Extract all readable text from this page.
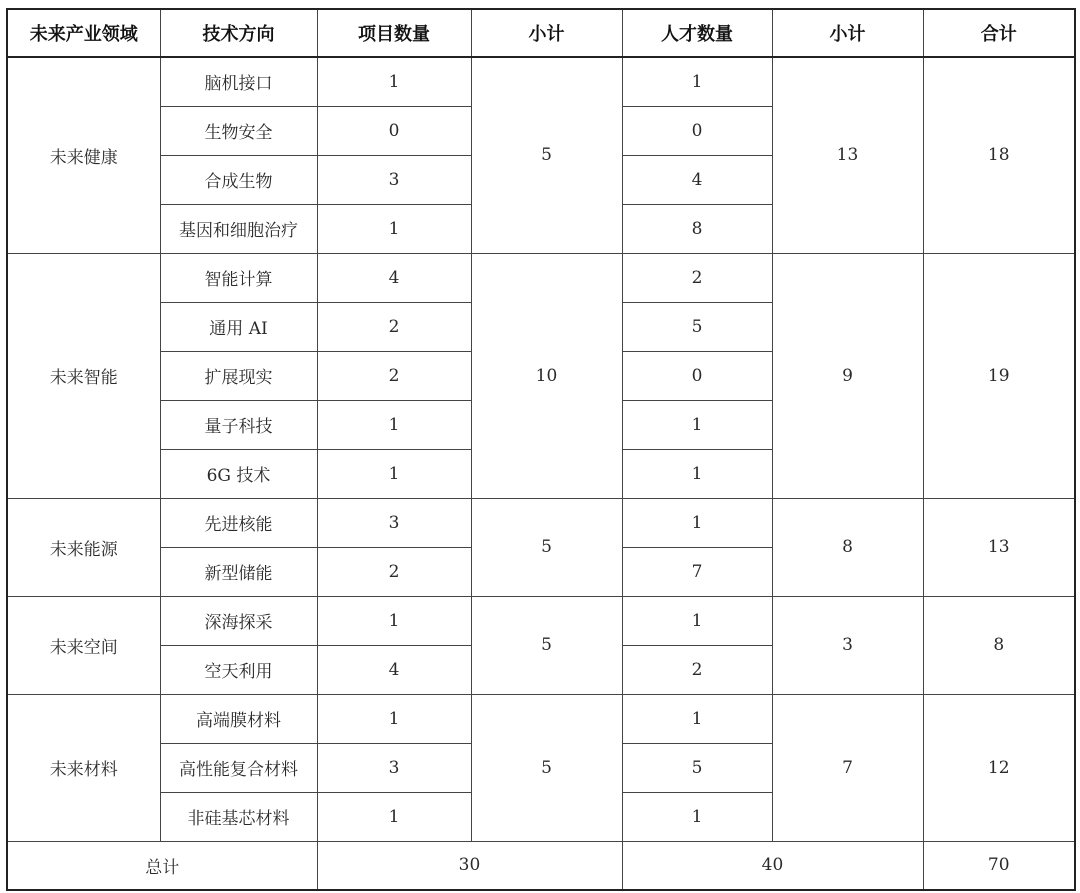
未来产业领域	技术方向	项目数量	小计	人才数量	小计	合计
未来健康	脑机接口	1	5	1	13	18
	生物安全	0		0		
	合成生物	3		4		
	基因和细胞治疗	1		8		
未来智能	智能计算	4	10	2	9	19
	通用 AI	2		5		
	扩展现实	2		0		
	量子科技	1		1		
	6G 技术	1		1		
未来能源	先进核能	3	5	1	8	13
	新型储能	2		7		
未来空间	深海探采	1	5	1	3	8
	空天利用	4		2		
未来材料	高端膜材料	1	5	1	7	12
	高性能复合材料	3		5		
	非硅基芯材料	1		1		
总计		30		40		70
